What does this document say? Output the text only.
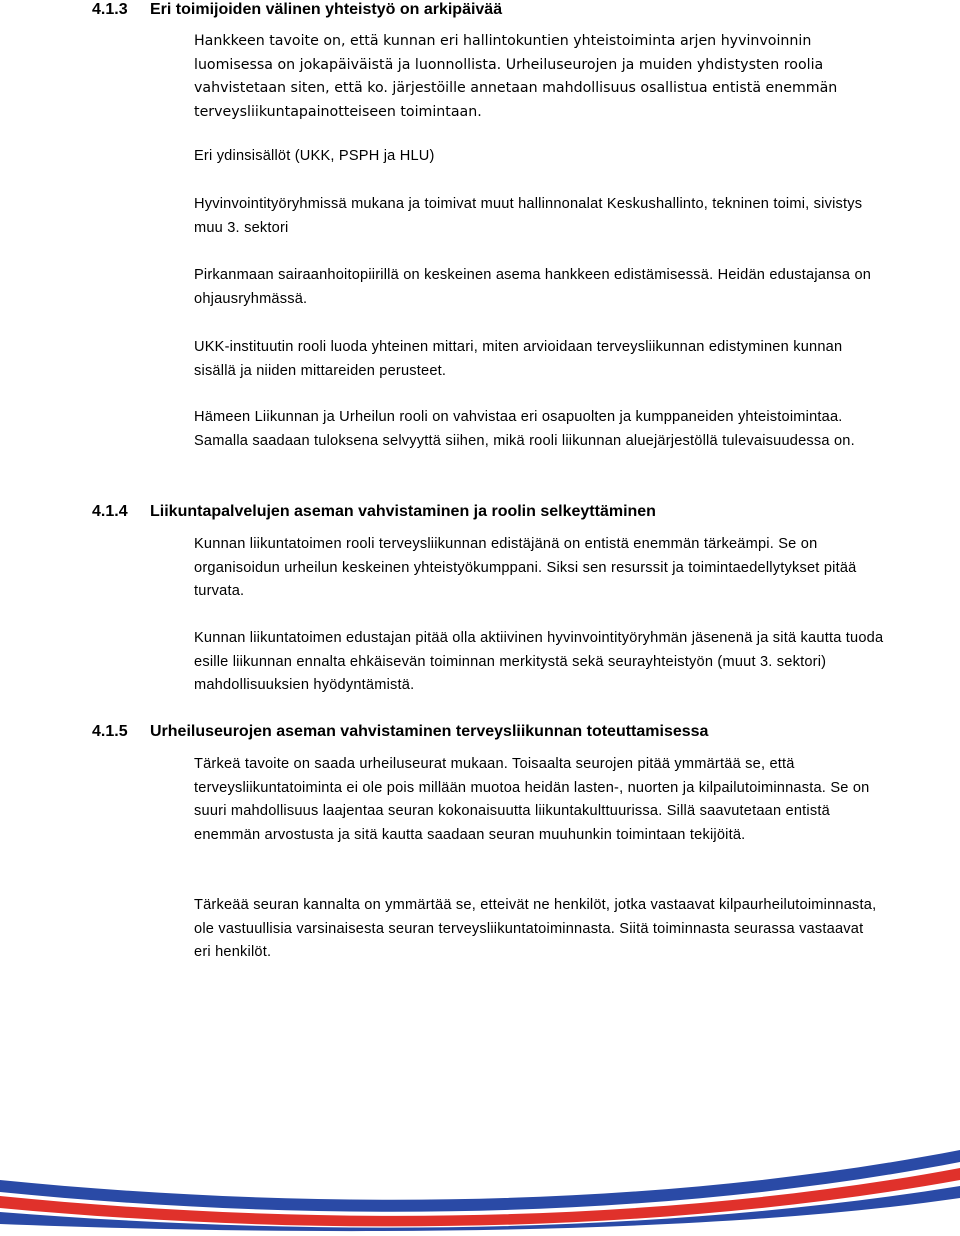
4.1.3 Eri toimijoiden välinen yhteistyö on arkipäivää

Hankkeen tavoite on, että kunnan eri hallintokuntien yhteistoiminta arjen hyvinvoinnin luomisessa on jokapäiväistä ja luonnollista. Urheiluseurojen ja muiden yhdistysten roolia vahvistetaan siten, että ko. järjestöille annetaan mahdollisuus osallistua entistä enemmän terveysliikuntapainotteiseen toimintaan.

Eri ydinsisällöt (UKK, PSPH ja HLU)

Hyvinvointityöryhmissä mukana ja toimivat muut hallinnonalat Keskushallinto, tekninen toimi, sivistys muu 3. sektori

Pirkanmaan sairaanhoitopiirillä on keskeinen asema hankkeen edistämisessä. Heidän edustajansa on ohjausryhmässä.

UKK-instituutin rooli luoda yhteinen mittari, miten arvioidaan terveysliikunnan edistyminen kunnan sisällä ja niiden mittareiden perusteet.

Hämeen Liikunnan ja Urheilun rooli on vahvistaa eri osapuolten ja kumppaneiden yhteistoimintaa. Samalla saadaan tuloksena selvyyttä siihen, mikä rooli liikunnan aluejärjestöllä tulevaisuudessa on.

4.1.4 Liikuntapalvelujen aseman vahvistaminen ja roolin selkeyttäminen

Kunnan liikuntatoimen rooli terveysliikunnan edistäjänä on entistä enemmän tärkeämpi. Se on organisoidun urheilun keskeinen yhteistyökumppani. Siksi sen resurssit ja toimintaedellytykset pitää turvata.

Kunnan liikuntatoimen edustajan pitää olla aktiivinen hyvinvointityöryhmän jäsenenä ja sitä kautta tuoda esille liikunnan ennalta ehkäisevän toiminnan merkitystä sekä seurayhteistyön (muut 3. sektori) mahdollisuuksien hyödyntämistä.

4.1.5 Urheiluseurojen aseman vahvistaminen terveysliikunnan toteuttamisessa

Tärkeä tavoite on saada urheiluseurat mukaan. Toisaalta seurojen pitää ymmärtää se, että terveysliikuntatoiminta ei ole pois millään muotoa heidän lasten-, nuorten ja kilpailutoiminnasta. Se on suuri mahdollisuus laajentaa seuran kokonaisuutta liikuntakulttuurissa. Sillä saavutetaan entistä enemmän arvostusta ja sitä kautta saadaan seuran muuhunkin toimintaan tekijöitä.

Tärkeää seuran kannalta on ymmärtää se, etteivät ne henkilöt, jotka vastaavat kilpaurheilutoiminnasta, ole vastuullisia varsinaisesta seuran terveysliikuntatoiminnasta. Siitä toiminnasta seurassa vastaavat eri henkilöt.
